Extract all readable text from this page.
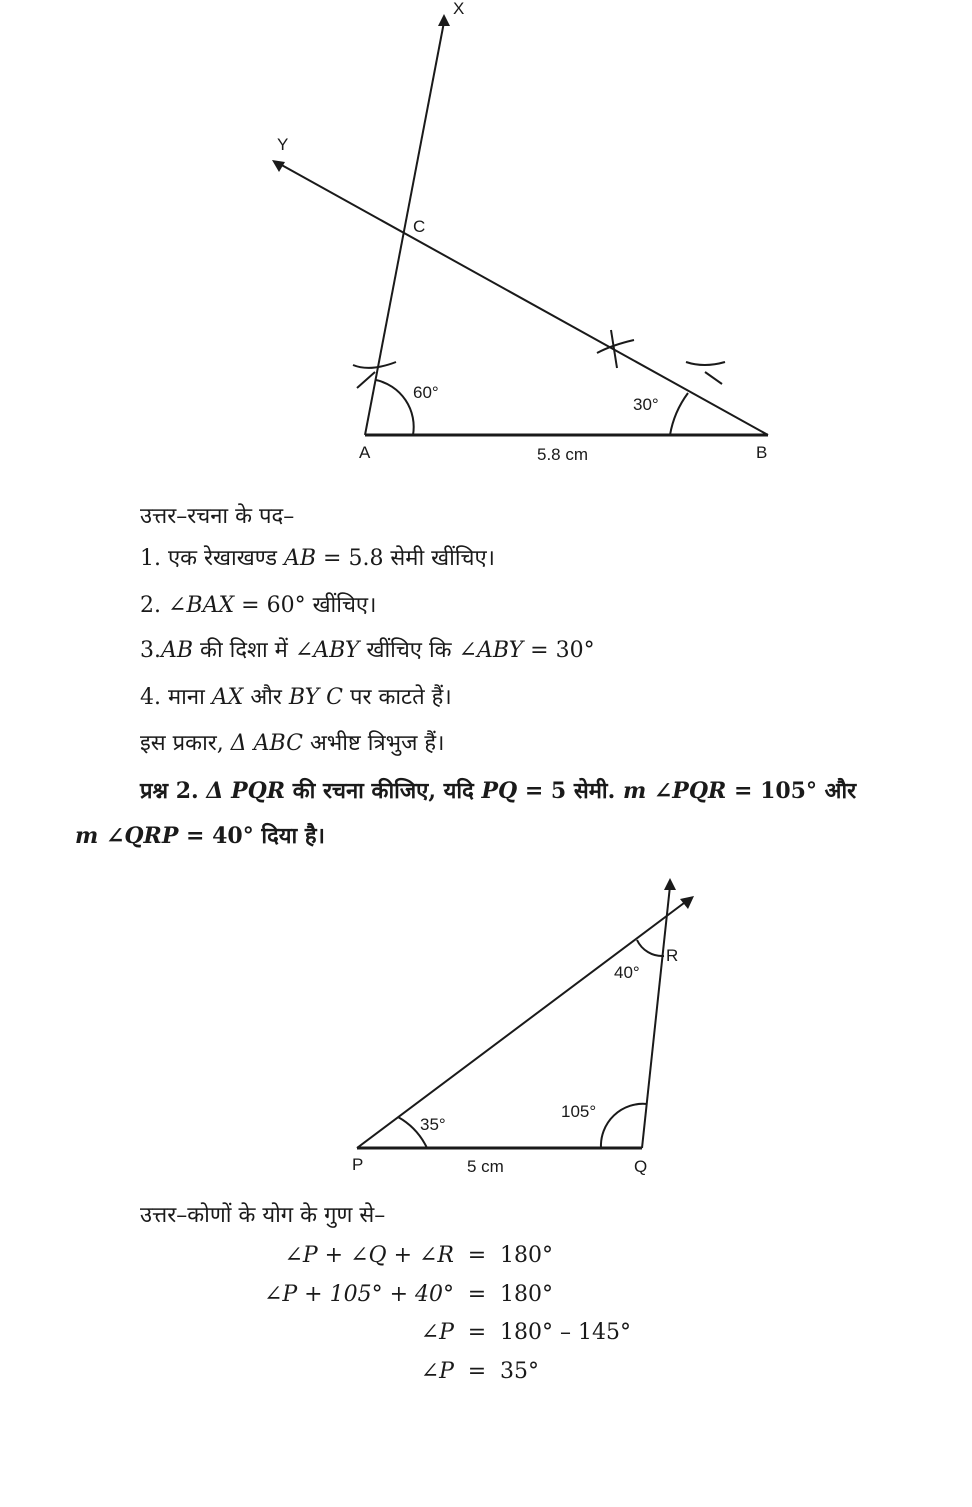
X
Y
C
A	B
60°
30°
5.8 cm
उत्तर–रचना के पद–
1. एक रेखाखण्ड AB = 5.8 सेमी खींचिए।
2. ∠BAX = 60° खींचिए।
3.AB की दिशा में ∠ABY खींचिए कि ∠ABY = 30°
4. माना AX और BY C पर काटते हैं।
इस प्रकार, Δ ABC अभीष्ट त्रिभुज हैं।
प्रश्न 2. Δ PQR की रचना कीजिए, यदि PQ = 5 सेमी. m ∠PQR = 105° और
m ∠QRP = 40° दिया है।
P	Q
R
35°
105°
40°
5 cm
उत्तर–कोणों के योग के गुण से–
∠P + ∠Q + ∠R = 180°
∠P + 105° + 40° = 180°
∠P = 180° – 145°
∠P = 35°
